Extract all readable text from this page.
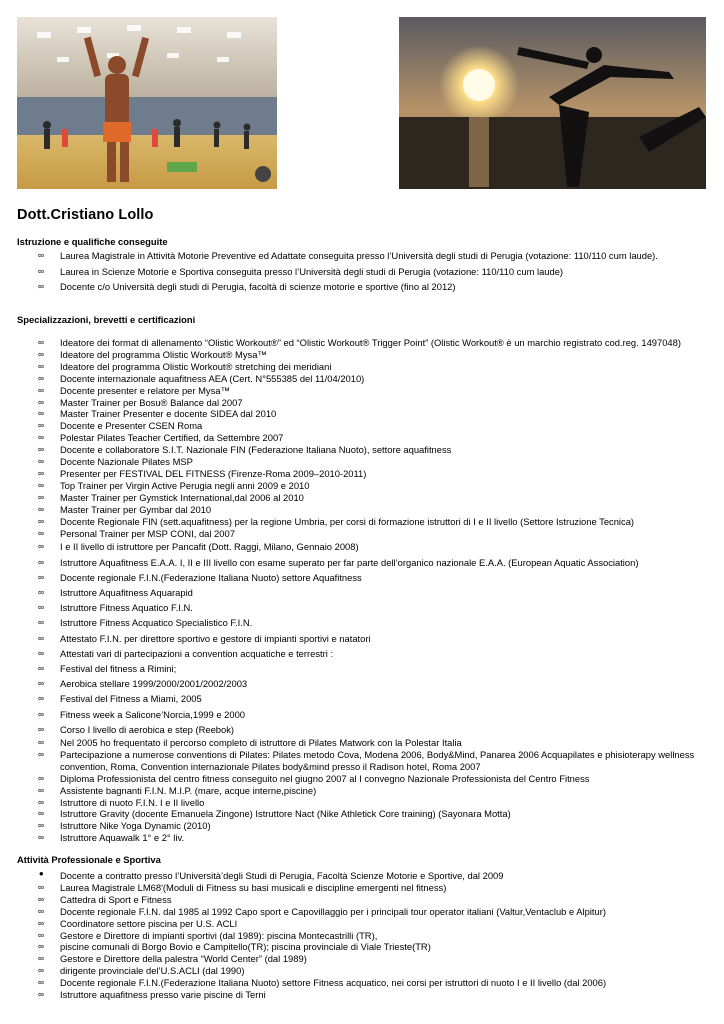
Dott.Cristiano Lollo
Istruzione e qualifiche conseguite
∞ Laurea Magistrale in Attività Motorie Preventive ed Adattate conseguita presso l’Università degli studi di Perugia (votazione: 110/110 cum laude).
∞ Laurea in Scienze Motorie e Sportiva conseguita presso l’Università degli studi di Perugia (votazione: 110/110 cum laude)
∞ Docente c/o Università degli studi di Perugia, facoltà di scienze motorie e sportive (fino al 2012)
Specializzazioni, brevetti e certificazioni
∞ Ideatore dei format di allenamento “Olistic Workout®” ed “Olistic Workout® Trigger Point” (Olistic Workout® è un marchio registrato cod.reg. 1497048)
∞ Ideatore del programma Olistic Workout® Mysa™
∞ Ideatore del programma Olistic Workout® stretching dei meridiani
∞ Docente internazionale aquafitness AEA (Cert. N°555385 del 11/04/2010)
∞ Docente presenter e relatore per Mysa™
∞ Master Trainer per Bosu® Balance dal 2007
∞ Master Trainer Presenter e docente SIDEA dal 2010
∞ Docente e Presenter CSEN Roma
∞ Polestar Pilates Teacher Certified, da Settembre 2007
∞ Docente e collaboratore S.I.T. Nazionale FIN (Federazione Italiana Nuoto), settore aquafitness
∞ Docente Nazionale Pilates MSP
∞ Presenter per FESTIVAL DEL FITNESS (Firenze-Roma 2009–2010-2011)
∞ Top Trainer per Virgin Active Perugia negli anni 2009 e 2010
∞ Master Trainer per Gymstick International,dal 2006 al 2010
∞ Master Trainer per Gymbar dal 2010
∞ Docente Regionale FIN (sett.aquafitness) per la regione Umbria, per corsi di formazione istruttori di I e II livello (Settore Istruzione Tecnica)
∞ Personal Trainer per MSP CONI, dal 2007
∞ I e II livello di istruttore per Pancafit (Dott. Raggi, Milano, Gennaio 2008)
∞ Istruttore Aquafitness E.A.A. I, II e III livello con esame superato per far parte dell’organico nazionale E.A.A. (European Aquatic Association)
∞ Docente regionale F.I.N.(Federazione Italiana Nuoto) settore Aquafitness
∞ Istruttore Aquafitness Aquarapid
∞ Istruttore Fitness Aquatico F.I.N.
∞ Istruttore Fitness Acquatico Specialistico F.I.N.
∞ Attestato F.I.N. per direttore sportivo e gestore di impianti sportivi e natatori
∞ Attestati vari di partecipazioni a convention acquatiche e terrestri :
∞ Festival del fitness a Rimini;
∞ Aerobica stellare 1999/2000/2001/2002/2003
∞ Festival del Fitness a Miami, 2005
∞ Fitness week a Salicone’Norcia,1999 e 2000
∞ Corso I livello di aerobica e step (Reebok)
∞ Nel 2005 ho frequentato il percorso completo di istruttore di Pilates Matwork con la Polestar Italia
∞ Partecipazione a numerose conventions di Pilates: Pilates metodo Cova, Modena 2006, Body&Mind, Panarea 2006 Acquapilates e phisioterapy wellness convention, Roma, Convention internazionale Pilates body&mind presso il Radison hotel, Roma 2007
∞ Diploma Professionista del centro fitness conseguito nel giugno 2007 al I convegno Nazionale Professionista del Centro Fitness
∞ Assistente bagnanti F.I.N. M.I.P. (mare, acque interne,piscine)
∞ Istruttore di nuoto F.I.N. I e II livello
∞ Istruttore Gravity (docente Emanuela Zingone) Istruttore Nact (Nike Athletick Core training) (Sayonara Motta)
∞ Istruttore Nike Yoga Dynamic (2010)
∞ Istruttore Aquawalk 1° e 2° liv.
Attività Professionale e Sportiva
• Docente a contratto presso l’Università’degli Studi di Perugia, Facoltà Scienze Motorie e Sportive, dal 2009
∞ Laurea Magistrale LM68'(Moduli di Fitness su basi musicali e discipline emergenti nel fitness)
∞ Cattedra di Sport e Fitness
∞ Docente regionale F.I.N. dal 1985 al 1992 Capo sport e Capovillaggio per i principali tour operator italiani (Valtur,Ventaclub e Alpitur)
∞ Coordinatore settore piscina per U.S. ACLI
∞ Gestore e Direttore di impianti sportivi (dal 1989): piscina Montecastrilli (TR),
∞ piscine comunali di Borgo Bovio e Campitello(TR); piscina provinciale di Viale Trieste(TR)
∞ Gestore e Direttore della palestra “World Center” (dal 1989)
∞ dirigente provinciale del’U.S.ACLI (dal 1990)
∞ Docente regionale F.I.N.(Federazione Italiana Nuoto) settore Fitness acquatico, nei corsi per istruttori di nuoto I e II livello (dal 2006)
∞ Istruttore aquafitness presso varie piscine di Terni
